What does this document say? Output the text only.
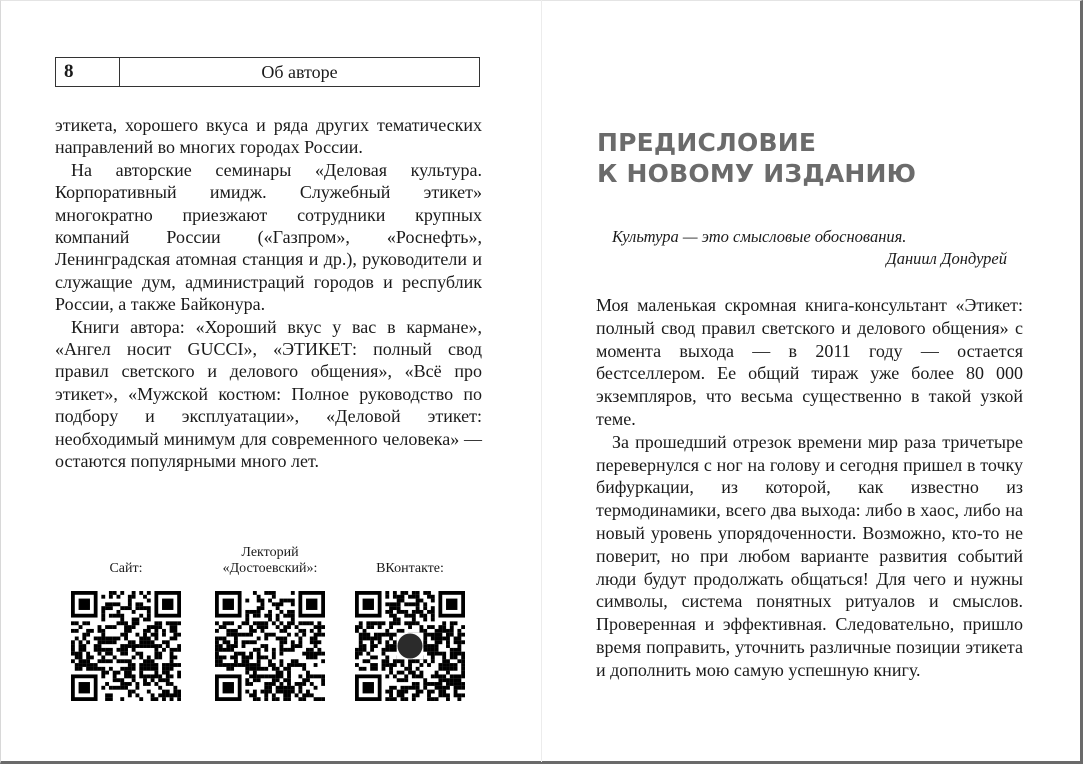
8	Об авторе

этикета, хорошего вкуса и ряда других тематических направлений во многих городах России.

На авторские семинары «Деловая культура. Корпоративный имидж. Служебный этикет» многократно приезжают сотрудники крупных компаний России («Газпром», «Роснефть», Ленинградская атомная станция и др.), руководители и служащие дум, администраций городов и республик России, а также Байконура.

Книги автора: «Хороший вкус у вас в кармане», «Ангел носит GUCCI», «ЭТИКЕТ: полный свод правил светского и делового общения», «Всё про этикет», «Мужской костюм: Полное руководство по подбору и эксплуатации», «Деловой этикет: необходимый минимум для современного человека» — остаются популярными много лет.

Сайт:
Лекторий «Достоевский»:	ВКонтакте:
ПРЕДИСЛОВИЕ
К НОВОМУ ИЗДАНИЮ
Культура — это смысловые обоснования.
Даниил Дондурей

Моя маленькая скромная книга-консультант «Этикет: полный свод правил светского и делового общения» с момента выхода — в 2011 году — остается бестселлером. Ее общий тираж уже более 80 000 экземпляров, что весьма существенно в такой узкой теме.

За прошедший отрезок времени мир раза тричетыре перевернулся с ног на голову и сегодня пришел в точку бифуркации, из которой, как известно из термодинамики, всего два выхода: либо в хаос, либо на новый уровень упорядоченности. Возможно, кто-то не поверит, но при любом варианте развития событий люди будут продолжать общаться! Для чего и нужны символы, система понятных ритуалов и смыслов. Проверенная и эффективная. Следовательно, пришло время поправить, уточнить различные позиции этикета и дополнить мою самую успешную книгу.
